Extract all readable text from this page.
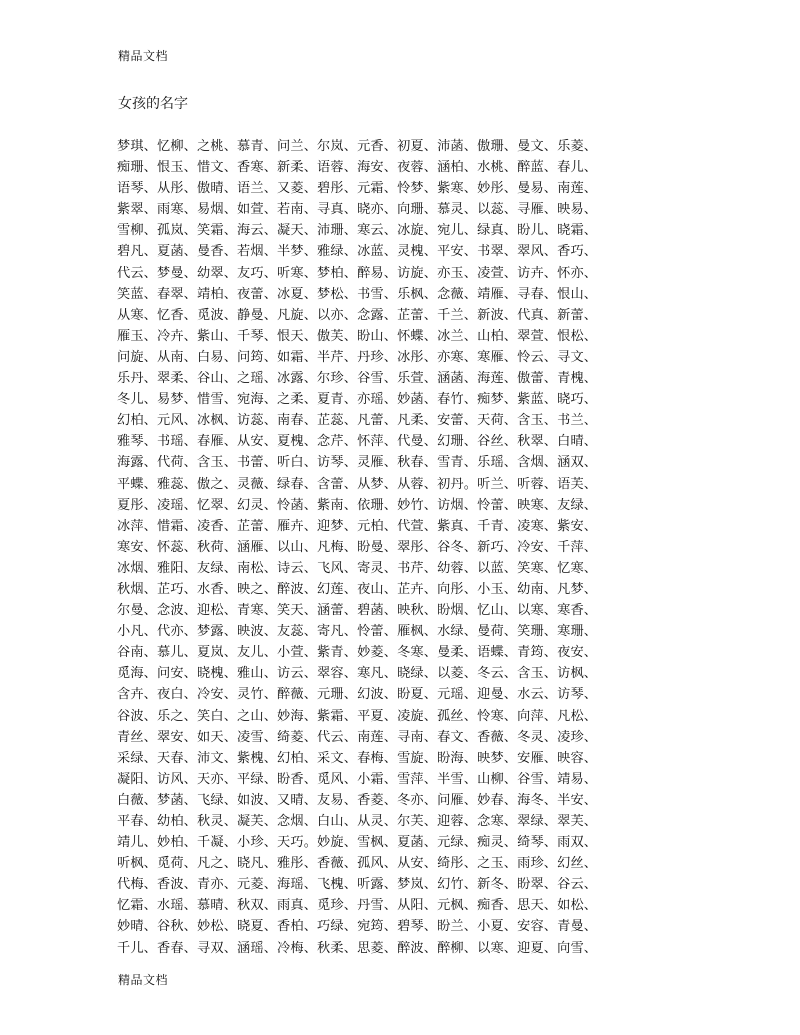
精品文档
女孩的名字
梦琪、忆柳、之桃、慕青、问兰、尔岚、元香、初夏、沛菡、傲珊、曼文、乐菱、
痴珊、恨玉、惜文、香寒、新柔、语蓉、海安、夜蓉、涵柏、水桃、醉蓝、春儿、
语琴、从彤、傲晴、语兰、又菱、碧彤、元霜、怜梦、紫寒、妙彤、曼易、南莲、
紫翠、雨寒、易烟、如萱、若南、寻真、晓亦、向珊、慕灵、以蕊、寻雁、映易、
雪柳、孤岚、笑霜、海云、凝天、沛珊、寒云、冰旋、宛儿、绿真、盼儿、晓霜、
碧凡、夏菡、曼香、若烟、半梦、雅绿、冰蓝、灵槐、平安、书翠、翠风、香巧、
代云、梦曼、幼翠、友巧、听寒、梦柏、醉易、访旋、亦玉、凌萱、访卉、怀亦、
笑蓝、春翠、靖柏、夜蕾、冰夏、梦松、书雪、乐枫、念薇、靖雁、寻春、恨山、
从寒、忆香、觅波、静曼、凡旋、以亦、念露、芷蕾、千兰、新波、代真、新蕾、
雁玉、冷卉、紫山、千琴、恨天、傲芙、盼山、怀蝶、冰兰、山柏、翠萱、恨松、
问旋、从南、白易、问筠、如霜、半芹、丹珍、冰彤、亦寒、寒雁、怜云、寻文、
乐丹、翠柔、谷山、之瑶、冰露、尔珍、谷雪、乐萱、涵菡、海莲、傲蕾、青槐、
冬儿、易梦、惜雪、宛海、之柔、夏青、亦瑶、妙菡、春竹、痴梦、紫蓝、晓巧、
幻柏、元风、冰枫、访蕊、南春、芷蕊、凡蕾、凡柔、安蕾、天荷、含玉、书兰、
雅琴、书瑶、春雁、从安、夏槐、念芹、怀萍、代曼、幻珊、谷丝、秋翠、白晴、
海露、代荷、含玉、书蕾、听白、访琴、灵雁、秋春、雪青、乐瑶、含烟、涵双、
平蝶、雅蕊、傲之、灵薇、绿春、含蕾、从梦、从蓉、初丹。听兰、听蓉、语芙、
夏彤、凌瑶、忆翠、幻灵、怜菡、紫南、依珊、妙竹、访烟、怜蕾、映寒、友绿、
冰萍、惜霜、凌香、芷蕾、雁卉、迎梦、元柏、代萱、紫真、千青、凌寒、紫安、
寒安、怀蕊、秋荷、涵雁、以山、凡梅、盼曼、翠彤、谷冬、新巧、冷安、千萍、
冰烟、雅阳、友绿、南松、诗云、飞风、寄灵、书芹、幼蓉、以蓝、笑寒、忆寒、
秋烟、芷巧、水香、映之、醉波、幻莲、夜山、芷卉、向彤、小玉、幼南、凡梦、
尔曼、念波、迎松、青寒、笑天、涵蕾、碧菡、映秋、盼烟、忆山、以寒、寒香、
小凡、代亦、梦露、映波、友蕊、寄凡、怜蕾、雁枫、水绿、曼荷、笑珊、寒珊、
谷南、慕儿、夏岚、友儿、小萱、紫青、妙菱、冬寒、曼柔、语蝶、青筠、夜安、
觅海、问安、晓槐、雅山、访云、翠容、寒凡、晓绿、以菱、冬云、含玉、访枫、
含卉、夜白、冷安、灵竹、醉薇、元珊、幻波、盼夏、元瑶、迎曼、水云、访琴、
谷波、乐之、笑白、之山、妙海、紫霜、平夏、凌旋、孤丝、怜寒、向萍、凡松、
青丝、翠安、如天、凌雪、绮菱、代云、南莲、寻南、春文、香薇、冬灵、凌珍、
采绿、天春、沛文、紫槐、幻柏、采文、春梅、雪旋、盼海、映梦、安雁、映容、
凝阳、访风、天亦、平绿、盼香、觅风、小霜、雪萍、半雪、山柳、谷雪、靖易、
白薇、梦菡、飞绿、如波、又晴、友易、香菱、冬亦、问雁、妙春、海冬、半安、
平春、幼柏、秋灵、凝芙、念烟、白山、从灵、尔芙、迎蓉、念寒、翠绿、翠芙、
靖儿、妙柏、千凝、小珍、天巧。妙旋、雪枫、夏菡、元绿、痴灵、绮琴、雨双、
听枫、觅荷、凡之、晓凡、雅彤、香薇、孤风、从安、绮彤、之玉、雨珍、幻丝、
代梅、香波、青亦、元菱、海瑶、飞槐、听露、梦岚、幻竹、新冬、盼翠、谷云、
忆霜、水瑶、慕晴、秋双、雨真、觅珍、丹雪、从阳、元枫、痴香、思天、如松、
妙晴、谷秋、妙松、晓夏、香柏、巧绿、宛筠、碧琴、盼兰、小夏、安容、青曼、
千儿、香春、寻双、涵瑶、冷梅、秋柔、思菱、醉波、醉柳、以寒、迎夏、向雪、
精品文档
